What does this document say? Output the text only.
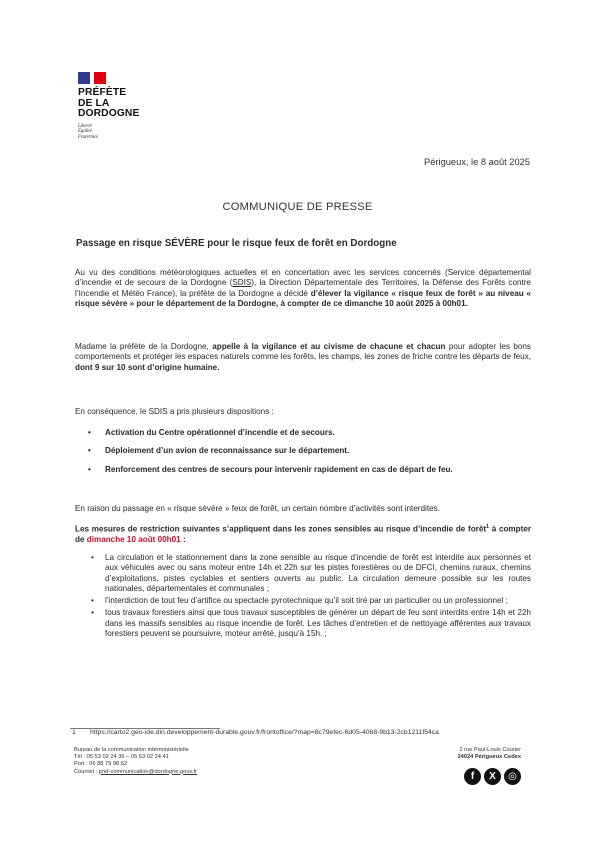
PRÉFÈTE
DE LA
DORDOGNE
Liberté
Égalité
Fraternité
Périgueux, le 8 août 2025
COMMUNIQUE DE PRESSE
Passage en risque SÉVÈRE pour le risque feux de forêt en Dordogne
Au vu des conditions météorologiques actuelles et en concertation avec les services concernés (Service départemental d’incendie et de secours de la Dordogne (SDIS), la Direction Départementale des Territoires, la Défense des Forêts contre l’Incendie et Météo France), la préfète de la Dordogne a décidé d’élever la vigilance « risque feux de forêt » au niveau « risque sévère » pour le département de la Dordogne, à compter de ce dimanche 10 août 2025 à 00h01.
Madame la préfète de la Dordogne, appelle à la vigilance et au civisme de chacune et chacun pour adopter les bons comportements et protéger les espaces naturels comme les forêts, les champs, les zones de friche contre les départs de feux, dont 9 sur 10 sont d’origine humaine.
En conséquence, le SDIS a pris plusieurs dispositions :
• Activation du Centre opérationnel d’incendie et de secours.
• Déploiement d’un avion de reconnaissance sur le département.
• Renforcement des centres de secours pour intervenir rapidement en cas de départ de feu.
En raison du passage en « risque sévère » feux de forêt, un certain nombre d’activités sont interdites.
Les mesures de restriction suivantes s’appliquent dans les zones sensibles au risque d’incendie de forêt$^1$ à compter de dimanche 10 août 00h01 :
• La circulation et le stationnement dans la zone sensible au risque d’incendie de forêt est interdite aux personnes et aux véhicules avec ou sans moteur entre 14h et 22h sur les pistes forestières ou de DFCI, chemins ruraux, chemins d’exploitations, pistes cyclables et sentiers ouverts au public. La circulation demeure possible sur les routes nationales, départementales et communales ;
• l’interdiction de tout feu d’artifice ou spectacle pyrotechnique qu’il soit tiré par un particulier ou un professionnel ;
• tous travaux forestiers ainsi que tous travaux susceptibles de générer un départ de feu sont interdits entre 14h et 22h dans les massifs sensibles au risque incendie de forêt. Les tâches d’entretien et de nettoyage afférentes aux travaux forestiers peuvent se poursuivre, moteur arrêté, jusqu’à 15h. ;
1 https://carto2.geo-ide.din.developpement-durable.gouv.fr/frontoffice/?map=8c79efec-6d05-4068-9b13-2cb1211f54ca
Bureau de la communication interministérielle
Tél : 05 53 02 24 36 – 05 53 02 24 41
Port : 06 88 79 98 52
Courriel : pref-communication@dordogne.gouv.fr
2 rue Paul-Louis Courier
24024 Périgueux Cedex
f	X	◎
